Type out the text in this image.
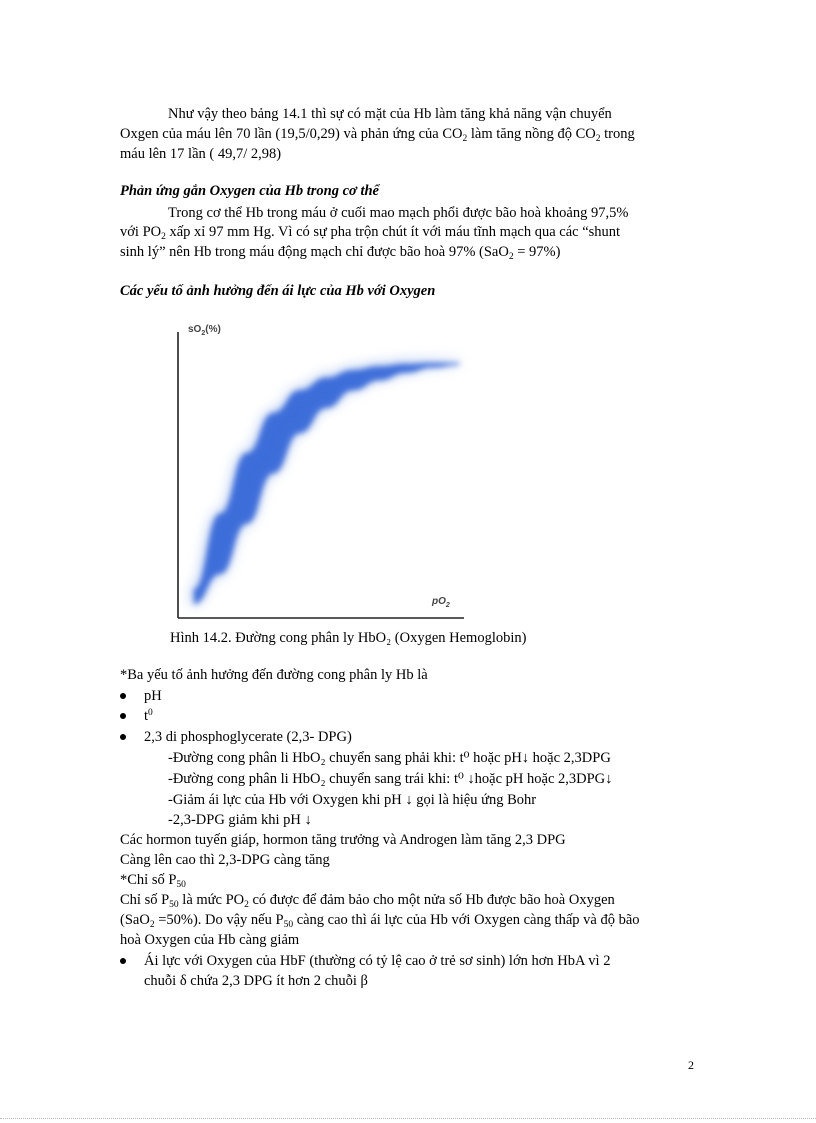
Như vậy theo bảng 14.1 thì sự có mặt của Hb làm tăng khả năng vận chuyển
Oxgen của máu lên 70 lần (19,5/0,29) và phản ứng của $CO_2$ làm tăng nồng độ $CO_2$ trong
máu lên 17 lần ( 49,7/ 2,98)
Phản ứng gắn Oxygen của Hb trong cơ thể
Trong cơ thể Hb trong máu ở cuối mao mạch phổi được bão hoà khoảng 97,5%
với $PO_2$ xấp xỉ 97 mm Hg. Vì có sự pha trộn chút ít với máu tĩnh mạch qua các “shunt
sinh lý” nên Hb trong máu động mạch chỉ được bão hoà 97% (SaO$_2$ = 97%)
Các yếu tố ảnh hưởng đến ái lực của Hb với Oxygen
$sO_2(\%)$
$pO_2$
Hình 14.2. Đường cong phân ly HbO₂ (Oxygen Hemoglobin)
*Ba yếu tố ảnh hưởng đến đường cong phân ly Hb là
pH
$t^0$
2,3 di phosphoglycerate (2,3- DPG)
-Đường cong phân li HbO₂ chuyển sang phải khi: t⁰ hoặc pH↓ hoặc 2,3DPG
-Đường cong phân li HbO₂ chuyển sang trái khi: t⁰ ↓hoặc pH hoặc 2,3DPG↓
-Giảm ái lực của Hb với Oxygen khi pH ↓ gọi là hiệu ứng Bohr
-2,3-DPG giảm khi pH ↓
Các hormon tuyến giáp, hormon tăng trưởng và Androgen làm tăng 2,3 DPG
Càng lên cao thì 2,3-DPG càng tăng
*Chỉ số $P_{50}$
Chỉ số $P_{50}$ là mức $PO_2$ có được để đảm bảo cho một nửa số Hb được bão hoà Oxygen
(SaO$_2$ =50%). Do vậy nếu $P_{50}$ càng cao thì ái lực của Hb với Oxygen càng thấp và độ bão
hoà Oxygen của Hb càng giảm
Ái lực với Oxygen của HbF (thường có tỷ lệ cao ở trẻ sơ sinh) lớn hơn HbA vì 2
chuỗi δ chứa 2,3 DPG ít hơn 2 chuỗi β
2
